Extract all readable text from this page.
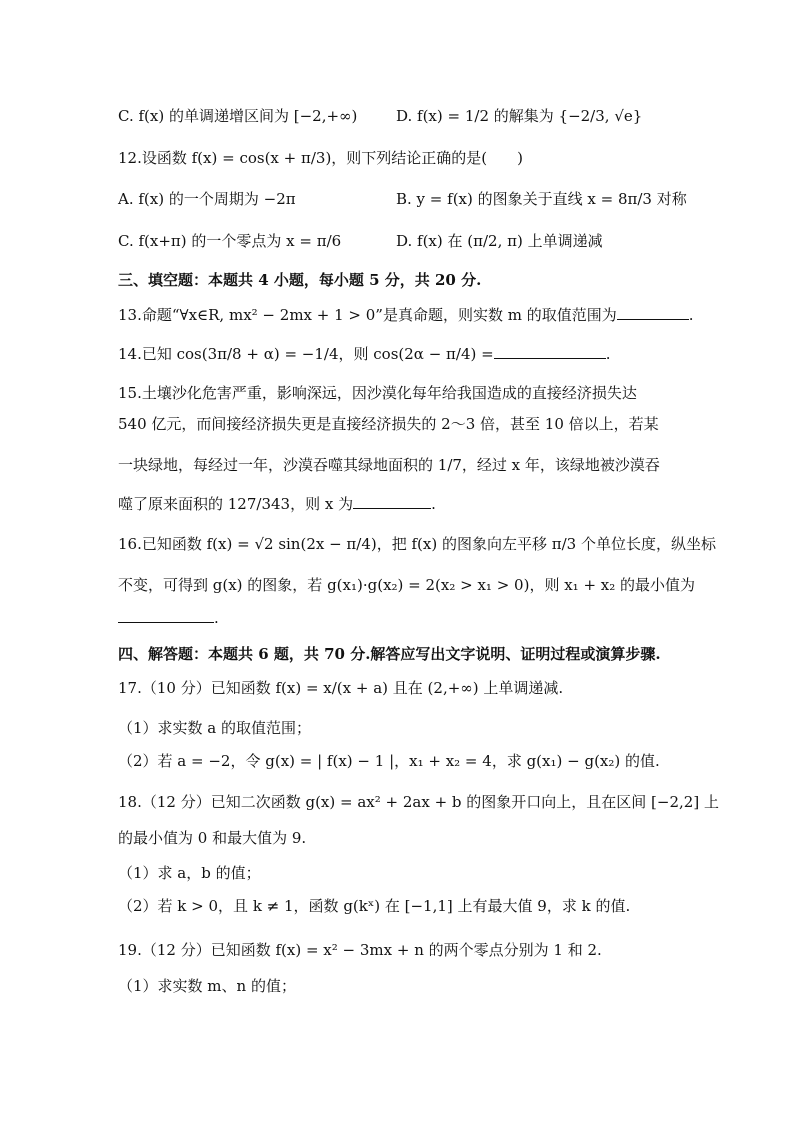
C. f(x) 的单调递增区间为 [−2,+∞)	D. f(x) = 1/2 的解集为 {−2/3, √e}
12.设函数 f(x) = cos(x + π/3)，则下列结论正确的是(　　)
A. f(x) 的一个周期为 −2π	B. y = f(x) 的图象关于直线 x = 8π/3 对称
C. f(x+π) 的一个零点为 x = π/6	D. f(x) 在 (π/2, π) 上单调递减
三、填空题：本题共 4 小题，每小题 5 分，共 20 分.
13.命题“∀x∈R, mx² − 2mx + 1 > 0”是真命题，则实数 m 的取值范围为	.
14.已知 cos(3π/8 + α) = −1/4，则 cos(2α − π/4) =	.
15.土壤沙化危害严重，影响深远，因沙漠化每年给我国造成的直接经济损失达
540 亿元，而间接经济损失更是直接经济损失的 2～3 倍，甚至 10 倍以上，若某
一块绿地，每经过一年，沙漠吞噬其绿地面积的 1/7，经过 x 年，该绿地被沙漠吞
噬了原来面积的 127/343，则 x 为	.
16.已知函数 f(x) = √2 sin(2x − π/4)，把 f(x) 的图象向左平移 π/3 个单位长度，纵坐标
不变，可得到 g(x) 的图象，若 g(x₁)·g(x₂) = 2(x₂ > x₁ > 0)，则 x₁ + x₂ 的最小值为
.
四、解答题：本题共 6 题，共 70 分.解答应写出文字说明、证明过程或演算步骤.
17.（10 分）已知函数 f(x) = x/(x + a) 且在 (2,+∞) 上单调递减.
（1）求实数 a 的取值范围；
（2）若 a = −2，令 g(x) = | f(x) − 1 |，x₁ + x₂ = 4，求 g(x₁) − g(x₂) 的值.
18.（12 分）已知二次函数 g(x) = ax² + 2ax + b 的图象开口向上，且在区间 [−2,2] 上
的最小值为 0 和最大值为 9.
（1）求 a，b 的值；
（2）若 k > 0，且 k ≠ 1，函数 g(kˣ) 在 [−1,1] 上有最大值 9，求 k 的值.
19.（12 分）已知函数 f(x) = x² − 3mx + n 的两个零点分别为 1 和 2.
（1）求实数 m、n 的值；
